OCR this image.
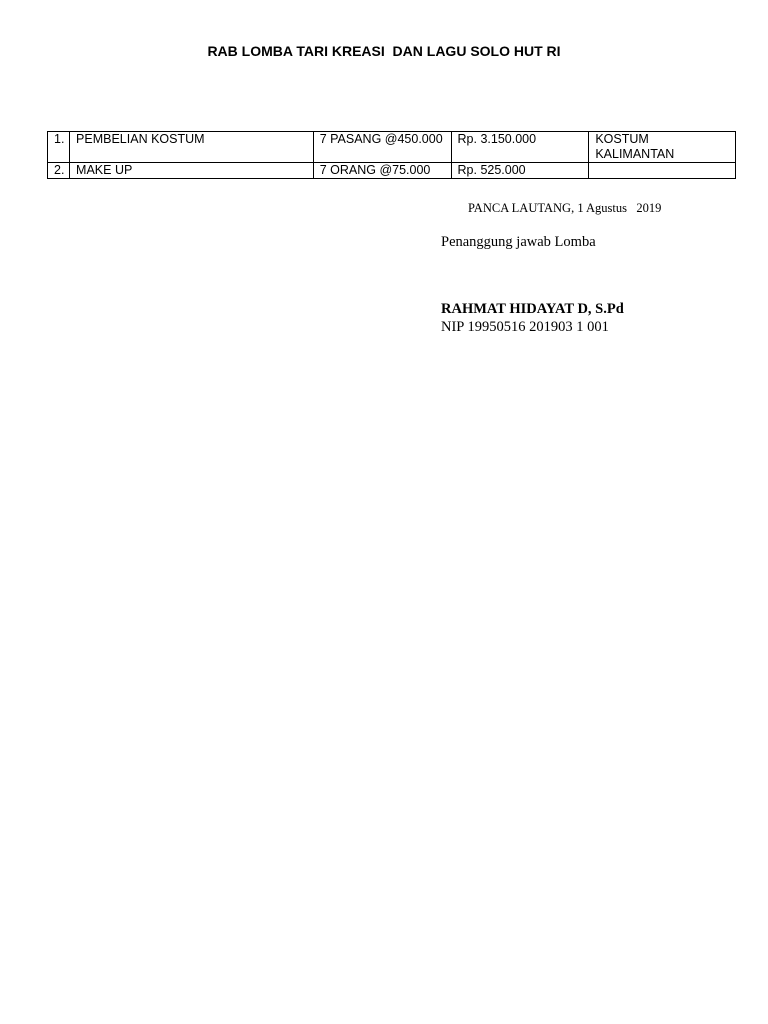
RAB LOMBA TARI KREASI  DAN LAGU SOLO HUT RI
1.	PEMBELIAN KOSTUM	7 PASANG @450.000	Rp. 3.150.000	KOSTUM KALIMANTAN
2.	MAKE UP	7 ORANG @75.000	Rp. 525.000	
PANCA LAUTANG, 1 Agustus   2019
Penanggung jawab Lomba
RAHMAT HIDAYAT D, S.Pd
NIP 19950516 201903 1 001
